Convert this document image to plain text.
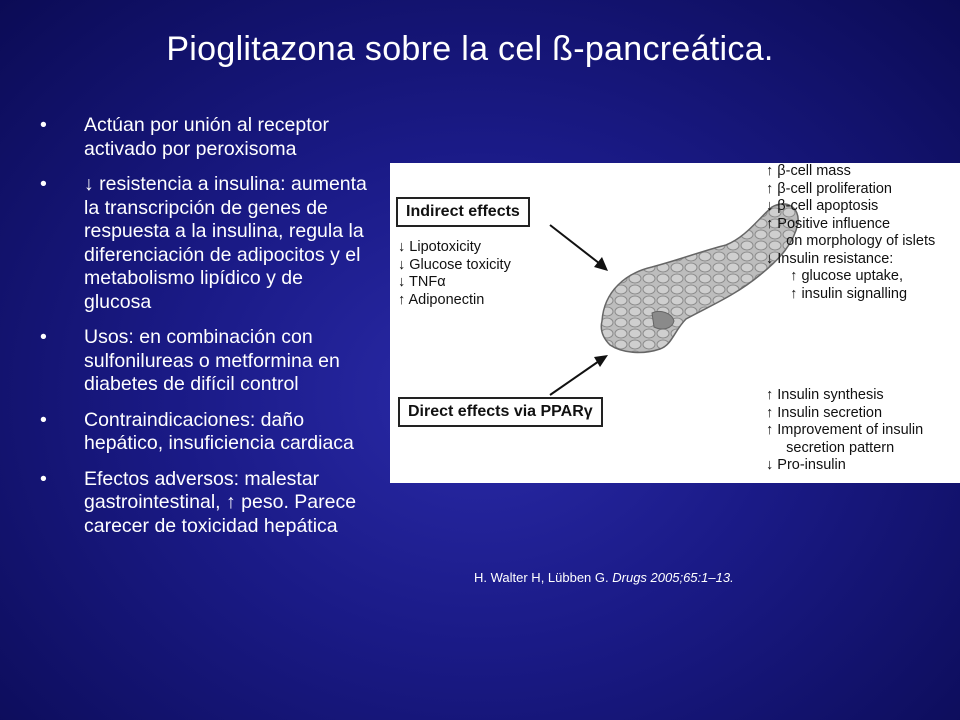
Pioglitazona sobre la cel ß-pancreática.
• Actúan por unión al receptor activado por peroxisoma
• ↓ resistencia a insulina: aumenta la transcripción de genes de respuesta a la insulina, regula la diferenciación de adipocitos y el metabolismo lipídico y de glucosa
• Usos: en combinación con sulfonilureas o metformina en diabetes de difícil control
• Contraindicaciones: daño hepático, insuficiencia cardiaca
• Efectos adversos: malestar gastrointestinal, ↑ peso. Parece carecer de toxicidad hepática
Indirect effects
↓ Lipotoxicity
↓ Glucose toxicity
↓ TNFα
↑ Adiponectin
Direct effects via PPARγ
↑ β-cell mass
↑ β-cell proliferation
↓ β-cell apoptosis
↑ Positive influence
on morphology of islets
↓ Insulin resistance:
↑ glucose uptake,
↑ insulin signalling
↑ Insulin synthesis
↑ Insulin secretion
↑ Improvement of insulin
secretion pattern
↓ Pro-insulin
H. Walter H, Lübben G. Drugs 2005;65:1–13.
